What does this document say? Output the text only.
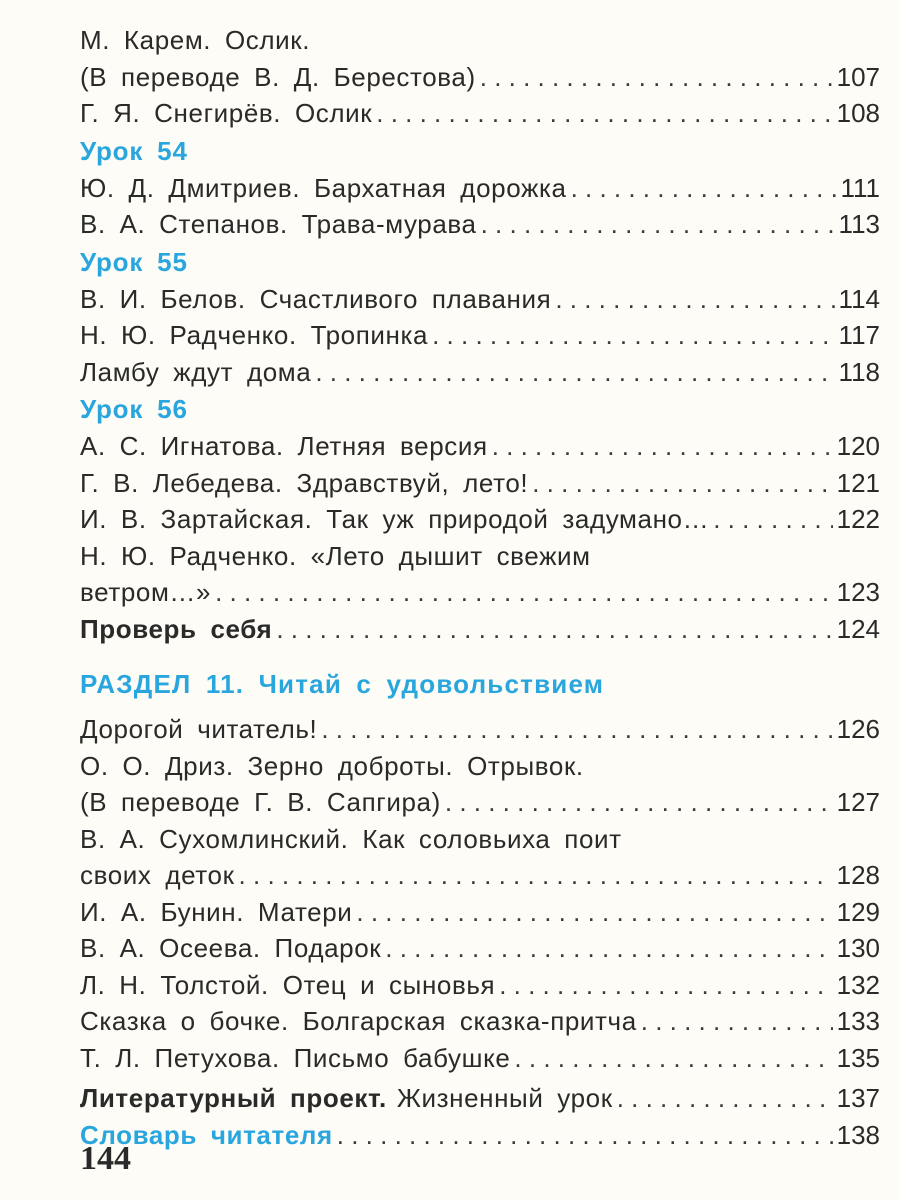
М. Карем. Ослик.
(В переводе В. Д. Берестова) . . .	107
Г. Я. Снегирёв. Ослик . . .	108
Урок 54
Ю. Д. Дмитриев. Бархатная дорожка . . .	111
В. А. Степанов. Трава-мурава . . .	113
Урок 55
В. И. Белов. Счастливого плавания . . .	114
Н. Ю. Радченко. Тропинка . . .	117
Ламбу ждут дома . . .	118
Урок 56
А. С. Игнатова. Летняя версия . . .	120
Г. В. Лебедева. Здравствуй, лето! . . .	121
И. В. Зартайская. Так уж природой задумано… . . .	122
Н. Ю. Радченко. «Лето дышит свежим
ветром…» . . .	123
Проверь себя . . .	124
РАЗДЕЛ 11. Читай с удовольствием
Дорогой читатель! . . .	126
О. О. Дриз. Зерно доброты. Отрывок.
(В переводе Г. В. Сапгира) . . .	127
В. А. Сухомлинский. Как соловьиха поит
своих деток . . .	128
И. А. Бунин. Матери . . .	129
В. А. Осеева. Подарок . . .	130
Л. Н. Толстой. Отец и сыновья . . .	132
Сказка о бочке. Болгарская сказка-притча . . .	133
Т. Л. Петухова. Письмо бабушке . . .	135
Литературный проект. Жизненный урок . . .	137
Словарь читателя . . .	138
144
